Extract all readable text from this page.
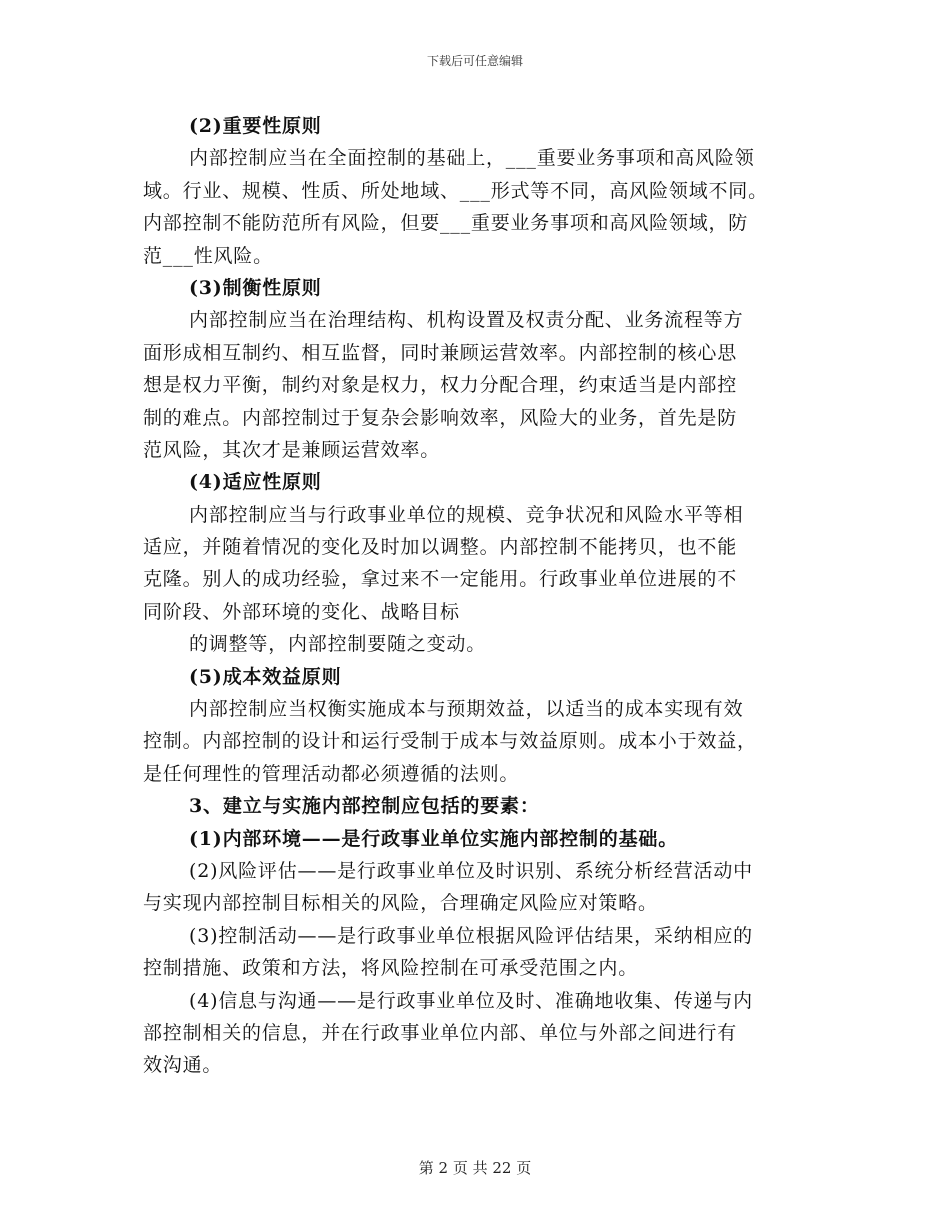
下载后可任意编辑
(2)重要性原则
内部控制应当在全面控制的基础上，___重要业务事项和高风险领
域。行业、规模、性质、所处地域、___形式等不同，高风险领域不同。
内部控制不能防范所有风险，但要___重要业务事项和高风险领域，防
范___性风险。
(3)制衡性原则
内部控制应当在治理结构、机构设置及权责分配、业务流程等方
面形成相互制约、相互监督，同时兼顾运营效率。内部控制的核心思
想是权力平衡，制约对象是权力，权力分配合理，约束适当是内部控
制的难点。内部控制过于复杂会影响效率，风险大的业务，首先是防
范风险，其次才是兼顾运营效率。
(4)适应性原则
内部控制应当与行政事业单位的规模、竞争状况和风险水平等相
适应，并随着情况的变化及时加以调整。内部控制不能拷贝，也不能
克隆。别人的成功经验，拿过来不一定能用。行政事业单位进展的不
同阶段、外部环境的变化、战略目标
的调整等，内部控制要随之变动。
(5)成本效益原则
内部控制应当权衡实施成本与预期效益，以适当的成本实现有效
控制。内部控制的设计和运行受制于成本与效益原则。成本小于效益，
是任何理性的管理活动都必须遵循的法则。
3、建立与实施内部控制应包括的要素：
(1)内部环境——是行政事业单位实施内部控制的基础。
(2)风险评估——是行政事业单位及时识别、系统分析经营活动中
与实现内部控制目标相关的风险，合理确定风险应对策略。
(3)控制活动——是行政事业单位根据风险评估结果，采纳相应的
控制措施、政策和方法，将风险控制在可承受范围之内。
(4)信息与沟通——是行政事业单位及时、准确地收集、传递与内
部控制相关的信息，并在行政事业单位内部、单位与外部之间进行有
效沟通。
第 2 页 共 22 页
